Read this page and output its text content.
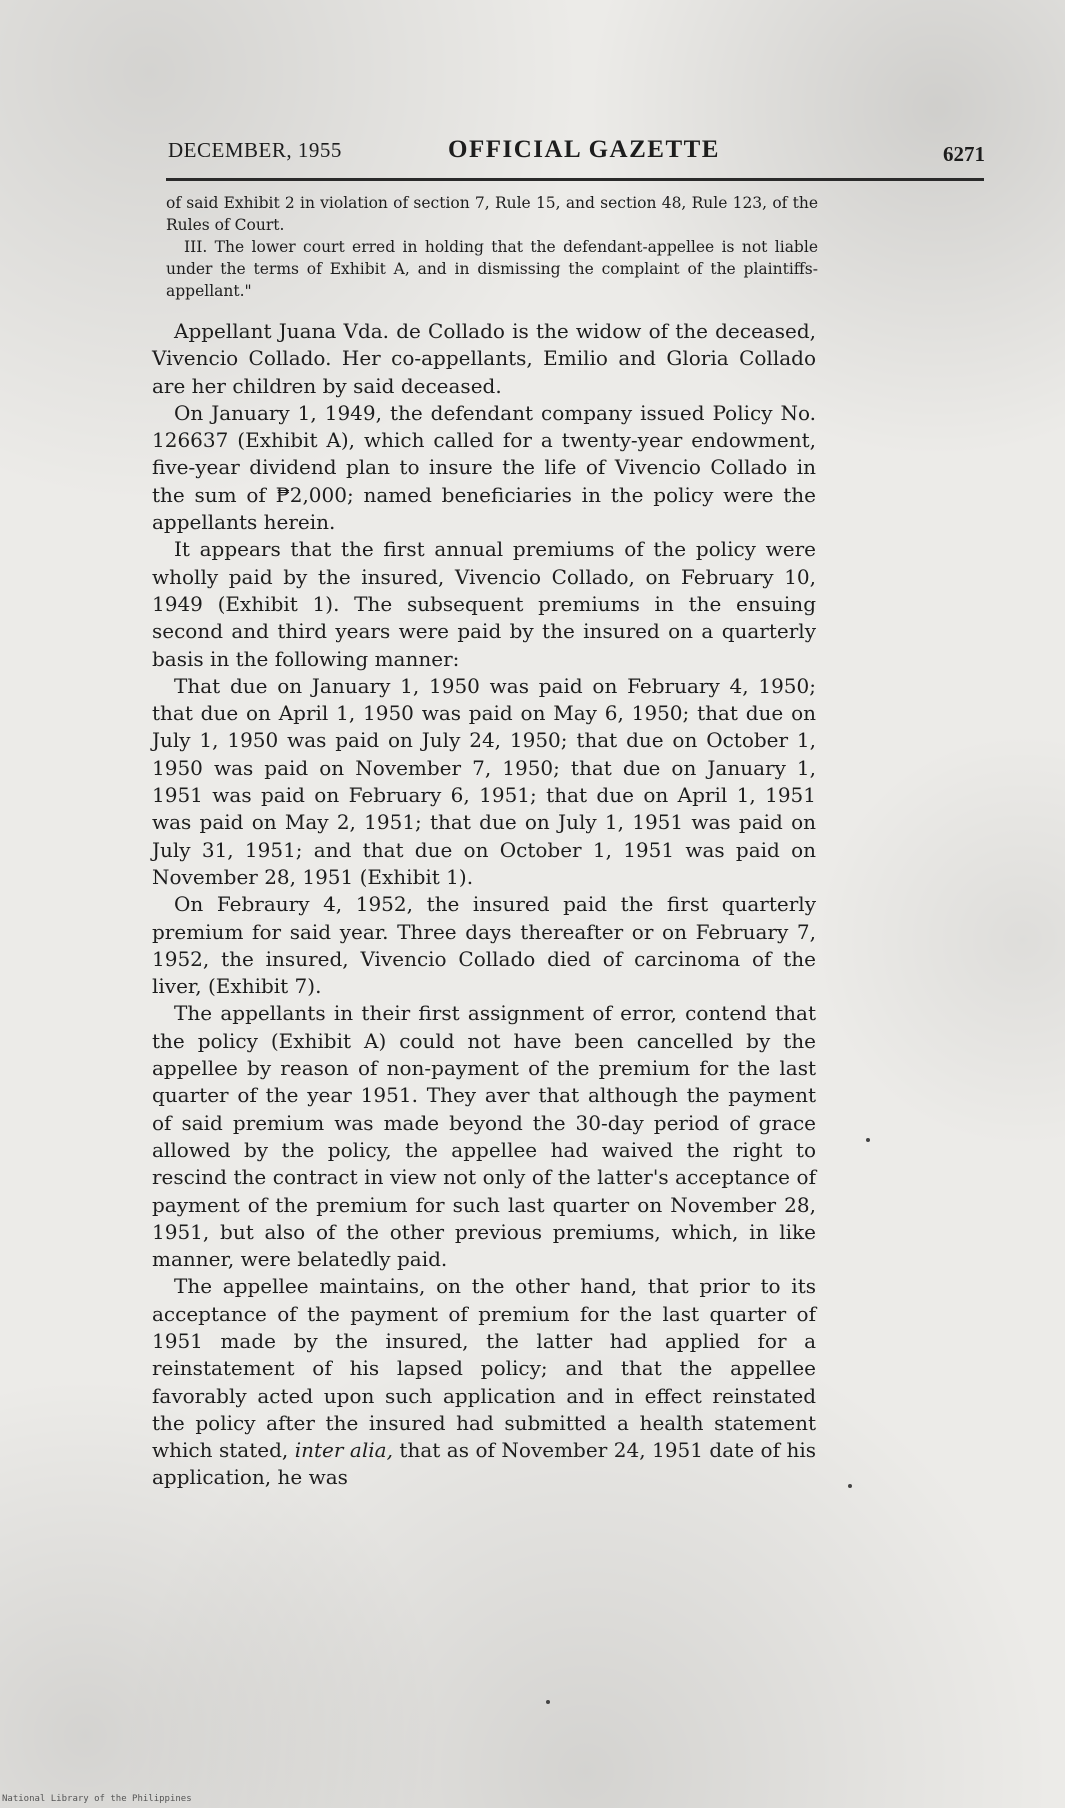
DECEMBER, 1955	OFFICIAL GAZETTE	6271

of said Exhibit 2 in violation of section 7, Rule 15, and section 48, Rule 123, of the Rules of Court.

III. The lower court erred in holding that the defendant-appellee is not liable under the terms of Exhibit A, and in dismissing the complaint of the plaintiffs-appellant."

Appellant Juana Vda. de Collado is the widow of the deceased, Vivencio Collado. Her co-appellants, Emilio and Gloria Collado are her children by said deceased.

On January 1, 1949, the defendant company issued Policy No. 126637 (Exhibit A), which called for a twenty-year endowment, five-year dividend plan to insure the life of Vivencio Collado in the sum of ₱2,000; named beneficiaries in the policy were the appellants herein.

It appears that the first annual premiums of the policy were wholly paid by the insured, Vivencio Collado, on February 10, 1949 (Exhibit 1). The subsequent premiums in the ensuing second and third years were paid by the insured on a quarterly basis in the following manner:

That due on January 1, 1950 was paid on February 4, 1950; that due on April 1, 1950 was paid on May 6, 1950; that due on July 1, 1950 was paid on July 24, 1950; that due on October 1, 1950 was paid on November 7, 1950; that due on January 1, 1951 was paid on February 6, 1951; that due on April 1, 1951 was paid on May 2, 1951; that due on July 1, 1951 was paid on July 31, 1951; and that due on October 1, 1951 was paid on November 28, 1951 (Exhibit 1).

On Febraury 4, 1952, the insured paid the first quarterly premium for said year. Three days thereafter or on February 7, 1952, the insured, Vivencio Collado died of carcinoma of the liver, (Exhibit 7).

The appellants in their first assignment of error, contend that the policy (Exhibit A) could not have been cancelled by the appellee by reason of non-payment of the premium for the last quarter of the year 1951. They aver that although the payment of said premium was made beyond the 30-day period of grace allowed by the policy, the appellee had waived the right to rescind the contract in view not only of the latter's acceptance of payment of the premium for such last quarter on November 28, 1951, but also of the other previous premiums, which, in like manner, were belatedly paid.

The appellee maintains, on the other hand, that prior to its acceptance of the payment of premium for the last quarter of 1951 made by the insured, the latter had applied for a reinstatement of his lapsed policy; and that the appellee favorably acted upon such application and in effect reinstated the policy after the insured had submitted a health statement which stated, inter alia, that as of November 24, 1951 date of his application, he was

National Library of the Philippines
